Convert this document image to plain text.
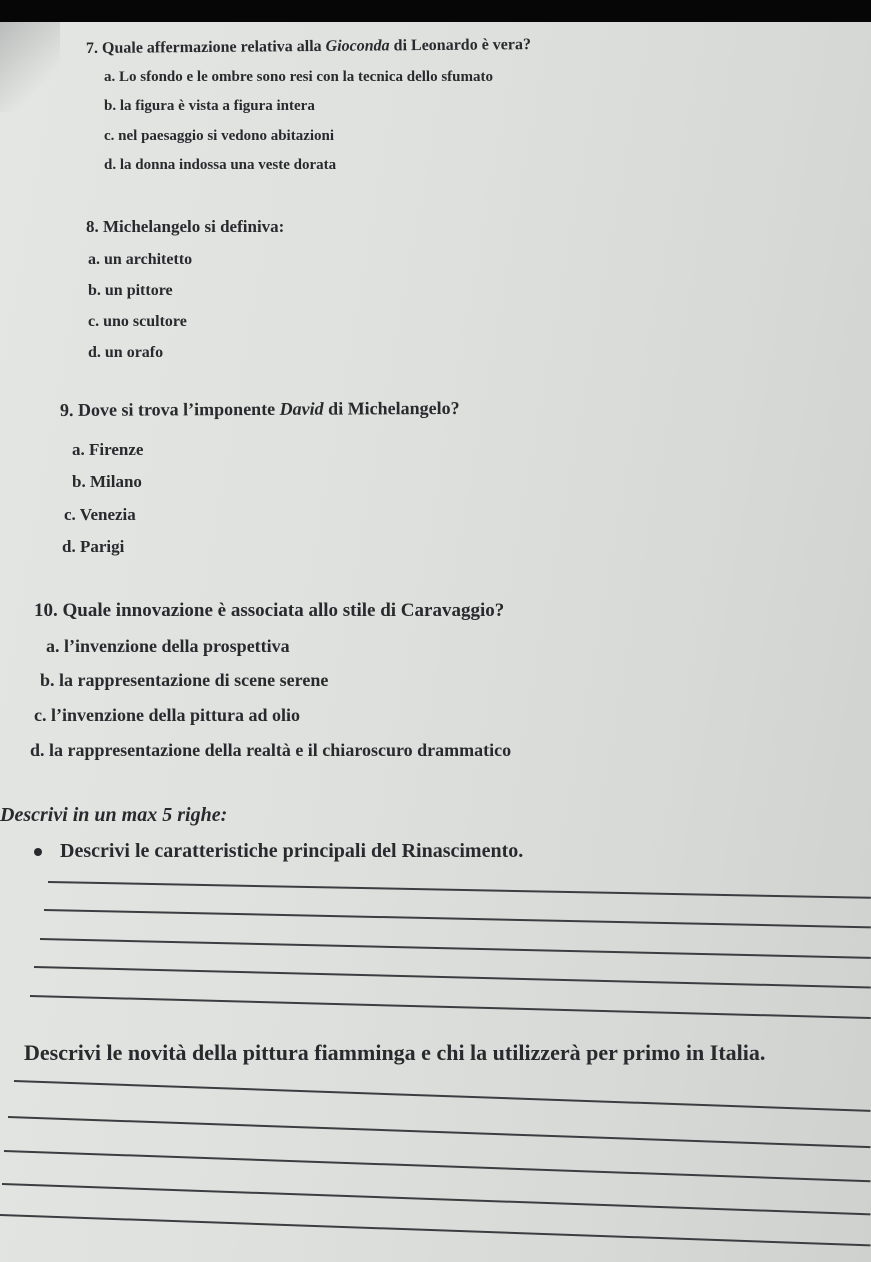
7. Quale affermazione relativa alla Gioconda di Leonardo è vera?
a. Lo sfondo e le ombre sono resi con la tecnica dello sfumato
b. la figura è vista a figura intera
c. nel paesaggio si vedono abitazioni
d. la donna indossa una veste dorata
8. Michelangelo si definiva:
a. un architetto
b. un pittore
c. uno scultore
d. un orafo
9. Dove si trova l’imponente David di Michelangelo?
a. Firenze
b. Milano
c. Venezia
d. Parigi
10. Quale innovazione è associata allo stile di Caravaggio?
a. l’invenzione della prospettiva
b. la rappresentazione di scene serene
c. l’invenzione della pittura ad olio
d. la rappresentazione della realtà e il chiaroscuro drammatico
Descrivi in un max 5 righe:
Descrivi le caratteristiche principali del Rinascimento.
Descrivi le novità della pittura fiamminga e chi la utilizzerà per primo in Italia.
